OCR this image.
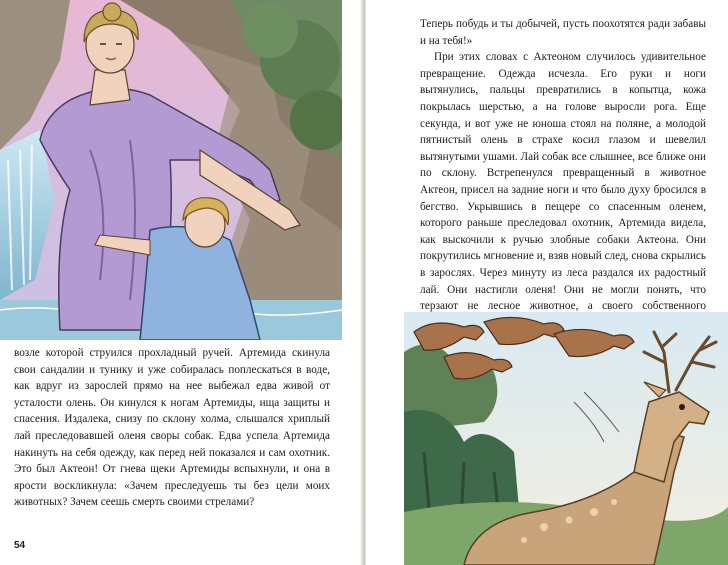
возле которой струился прохладный ручей. Артемида скинула свои сандалии и тунику и уже собиралась поплескаться в воде, как вдруг из зарослей прямо на нее выбежал едва живой от усталости олень. Он кинулся к ногам Артемиды, ища защиты и спасения. Издалека, снизу по склону холма, слышался хриплый лай преследовавшей оленя своры собак. Едва успела Артемида накинуть на себя одежду, как перед ней показался и сам охотник. Это был Актеон! От гнева щеки Артемиды вспыхнули, и она в ярости воскликнула: «Зачем преследуешь ты без цели моих животных? Зачем сеешь смерть своими стрелами?

54

Теперь побудь и ты добычей, пусть поохотятся ради забавы и на тебя!»

При этих словах с Актеоном случилось удивительное превращение. Одежда исчезла. Его руки и ноги вытянулись, пальцы превратились в копытца, кожа покрылась шерстью, а на голове выросли рога. Еще секунда, и вот уже не юноша стоял на поляне, а молодой пятнистый олень в страхе косил глазом и шевелил вытянутыми ушами. Лай собак все слышнее, все ближе они по склону. Встрепенулся превращенный в животное Актеон, присел на задние ноги и что было духу бросился в бегство. Укрывшись в пещере со спасенным оленем, которого раньше преследовал охотник, Артемида видела, как выскочили к ручью злобные собаки Актеона. Они покрутились мгновение и, взяв новый след, снова скрылись в зарослях. Через минуту из леса раздался их радостный лай. Они настигли оленя! Они не могли понять, что терзают не лесное животное, а своего собственного
